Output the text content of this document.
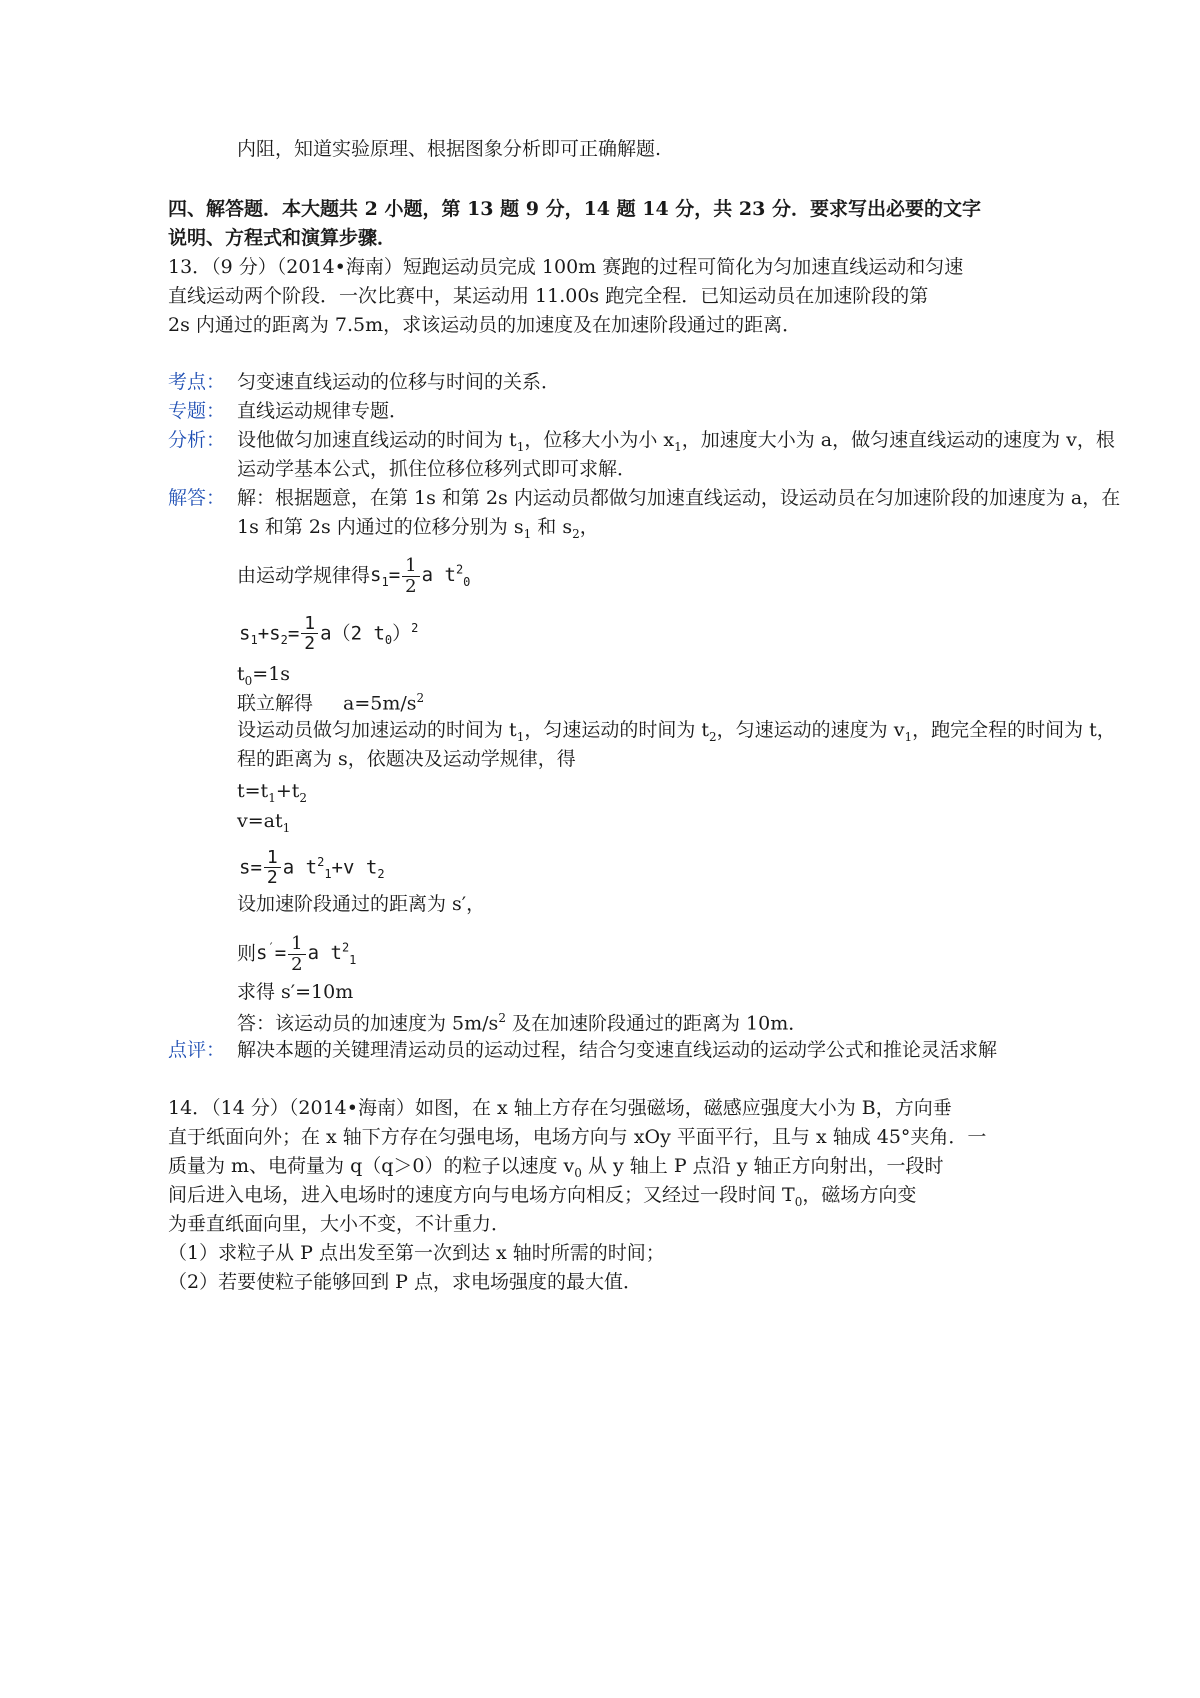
内阻，知道实验原理、根据图象分析即可正确解题.
四、解答题．本大题共 2 小题，第 13 题 9 分，14 题 14 分，共 23 分．要求写出必要的文字
说明、方程式和演算步骤．
13．（9 分）（2014•海南）短跑运动员完成 100m 赛跑的过程可简化为匀加速直线运动和匀速
直线运动两个阶段．一次比赛中，某运动用 11.00s 跑完全程．已知运动员在加速阶段的第
2s 内通过的距离为 7.5m，求该运动员的加速度及在加速阶段通过的距离．
考点： 匀变速直线运动的位移与时间的关系．
专题： 直线运动规律专题．
分析： 设他做匀加速直线运动的时间为 $t_1$，位移大小为小 $x_1$，加速度大小为 a，做匀速直线运动的速度为 v，根
运动学基本公式，抓住位移位移列式即可求解．
解答： 解：根据题意，在第 1s 和第 2s 内运动员都做匀加速直线运动，设运动员在匀加速阶段的加速度为 a，在
1s 和第 2s 内通过的位移分别为 $s_1$ 和 $s_2$，
由运动学规律得$s_1= \frac{1}{2}$ a $t^2_0$
$s_1+s_2= \frac{1}{2} a(2$ $t_0)^2$
$t_0=1s$
联立解得 $a=5m/s^2$
设运动员做匀加速运动的时间为 $t_1$，匀速运动的时间为 $t_2$，匀速运动的速度为 $v_1$，跑完全程的时间为 t，
程的距离为 s，依题决及运动学规律，得
$t=t_1+t_2$
$v=at_1$
$s= \frac{1}{2}$ a $t^2_1+v$ $t_2$
设加速阶段通过的距离为 s′，
则$s'= \frac{1}{2}$ a $t^2_1$
求得 s′=10m
答：该运动员的加速度为 $5m/s^2$ 及在加速阶段通过的距离为 10m．
点评： 解决本题的关键理清运动员的运动过程，结合匀变速直线运动的运动学公式和推论灵活求解
14．（14 分）（2014•海南）如图，在 x 轴上方存在匀强磁场，磁感应强度大小为 B，方向垂
直于纸面向外；在 x 轴下方存在匀强电场，电场方向与 xOy 平面平行，且与 x 轴成 45°夹角．一
质量为 m、电荷量为 q（q＞0）的粒子以速度 $v_0$ 从 y 轴上 P 点沿 y 轴正方向射出，一段时
间后进入电场，进入电场时的速度方向与电场方向相反；又经过一段时间 $T_0$，磁场方向变
为垂直纸面向里，大小不变，不计重力．
（1）求粒子从 P 点出发至第一次到达 x 轴时所需的时间；
（2）若要使粒子能够回到 P 点，求电场强度的最大值．
